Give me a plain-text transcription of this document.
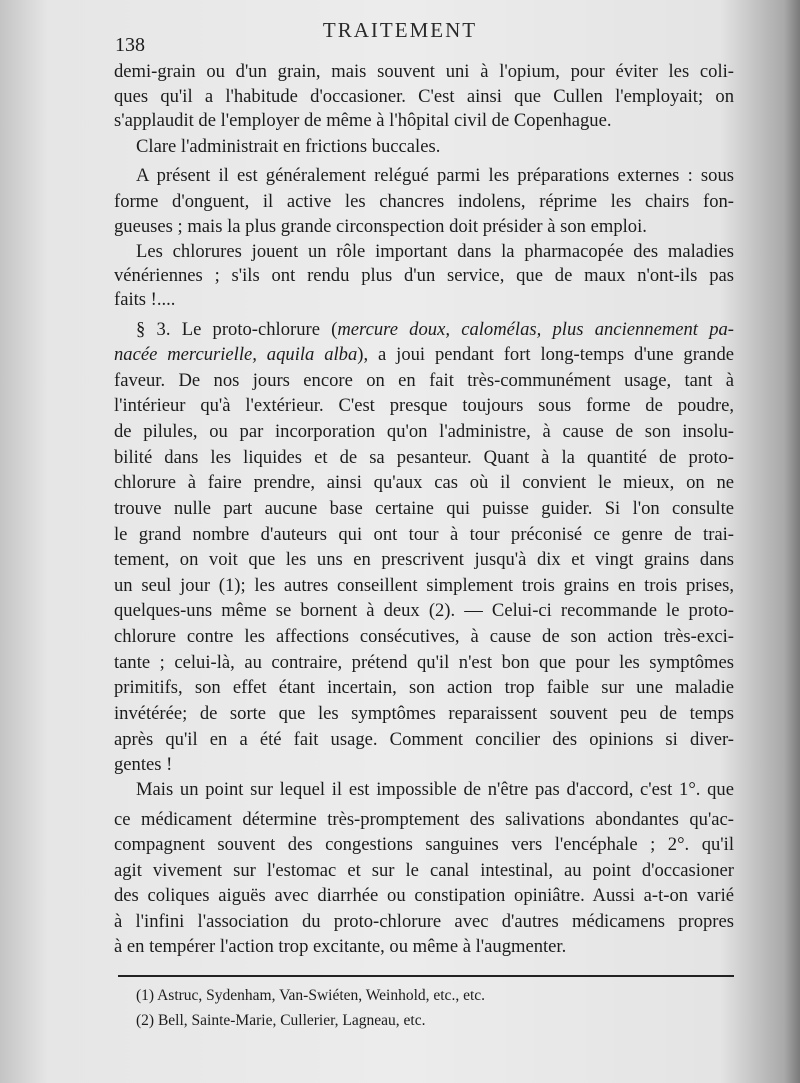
TRAITEMENT
138
demi-grain ou d'un grain, mais souvent uni à l'opium, pour éviter les coli-
ques qu'il a l'habitude d'occasioner. C'est ainsi que Cullen l'employait; on
s'applaudit de l'employer de même à l'hôpital civil de Copenhague.
Clare l'administrait en frictions buccales.
A présent il est généralement relégué parmi les préparations externes : sous
forme d'onguent, il active les chancres indolens, réprime les chairs fon-
gueuses ; mais la plus grande circonspection doit présider à son emploi.
Les chlorures jouent un rôle important dans la pharmacopée des maladies
vénériennes ; s'ils ont rendu plus d'un service, que de maux n'ont-ils pas
faits !....
§ 3. Le proto-chlorure (mercure doux, calomélas, plus anciennement pa-
nacée mercurielle, aquila alba), a joui pendant fort long-temps d'une grande
faveur. De nos jours encore on en fait très-communément usage, tant à
l'intérieur qu'à l'extérieur. C'est presque toujours sous forme de poudre,
de pilules, ou par incorporation qu'on l'administre, à cause de son insolu-
bilité dans les liquides et de sa pesanteur. Quant à la quantité de proto-
chlorure à faire prendre, ainsi qu'aux cas où il convient le mieux, on ne
trouve nulle part aucune base certaine qui puisse guider. Si l'on consulte
le grand nombre d'auteurs qui ont tour à tour préconisé ce genre de trai-
tement, on voit que les uns en prescrivent jusqu'à dix et vingt grains dans
un seul jour (1); les autres conseillent simplement trois grains en trois prises,
quelques-uns même se bornent à deux (2). — Celui-ci recommande le proto-
chlorure contre les affections consécutives, à cause de son action très-exci-
tante ; celui-là, au contraire, prétend qu'il n'est bon que pour les symptômes
primitifs, son effet étant incertain, son action trop faible sur une maladie
invétérée; de sorte que les symptômes reparaissent souvent peu de temps
après qu'il en a été fait usage. Comment concilier des opinions si diver-
gentes !
Mais un point sur lequel il est impossible de n'être pas d'accord, c'est 1°. que
ce médicament détermine très-promptement des salivations abondantes qu'ac-
compagnent souvent des congestions sanguines vers l'encéphale ; 2°. qu'il
agit vivement sur l'estomac et sur le canal intestinal, au point d'occasioner
des coliques aiguës avec diarrhée ou constipation opiniâtre. Aussi a-t-on varié
à l'infini l'association du proto-chlorure avec d'autres médicamens propres
à en tempérer l'action trop excitante, ou même à l'augmenter.
(1) Astruc, Sydenham, Van-Swiéten, Weinhold, etc., etc.
(2) Bell, Sainte-Marie, Cullerier, Lagneau, etc.
